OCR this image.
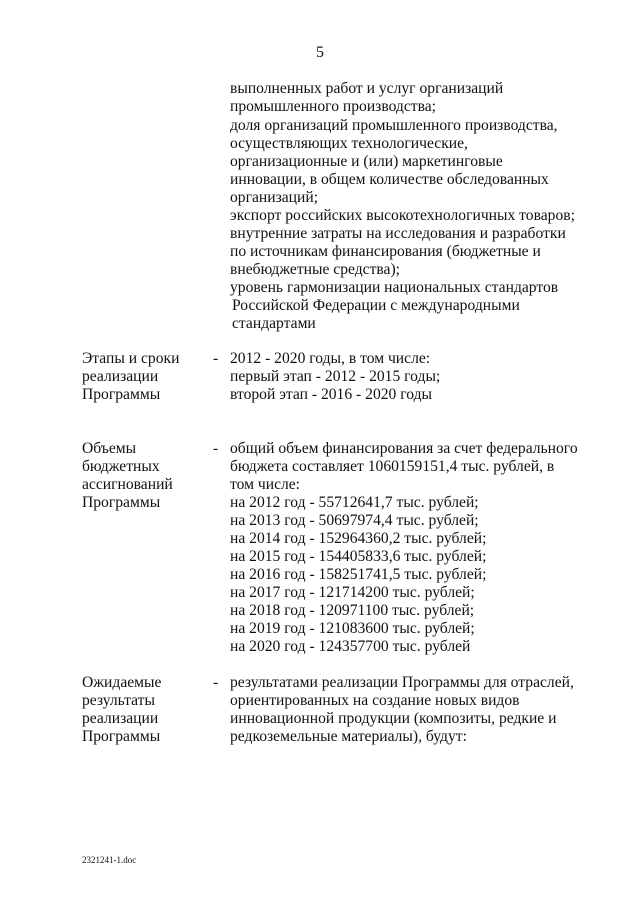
5
выполненных работ и услуг организаций
промышленного производства;
доля организаций промышленного производства,
осуществляющих технологические,
организационные и (или) маркетинговые
инновации, в общем количестве обследованных
организаций;
экспорт российских высокотехнологичных товаров;
внутренние затраты на исследования и разработки
по источникам финансирования (бюджетные и
внебюджетные средства);
уровень гармонизации национальных стандартов
Российской Федерации с международными
стандартами
Этапы и сроки
реализации
Программы
- 2012 - 2020 годы, в том числе:
первый этап - 2012 - 2015 годы;
второй этап - 2016 - 2020 годы
Объемы
бюджетных
ассигнований
Программы
- общий объем финансирования за счет федерального
бюджета составляет 1060159151,4 тыс. рублей, в
том числе:
на 2012 год - 55712641,7 тыс. рублей;
на 2013 год - 50697974,4 тыс. рублей;
на 2014 год - 152964360,2 тыс. рублей;
на 2015 год - 154405833,6 тыс. рублей;
на 2016 год - 158251741,5 тыс. рублей;
на 2017 год - 121714200 тыс. рублей;
на 2018 год - 120971100 тыс. рублей;
на 2019 год - 121083600 тыс. рублей;
на 2020 год - 124357700 тыс. рублей
Ожидаемые
результаты
реализации
Программы
- результатами реализации Программы для отраслей,
ориентированных на создание новых видов
инновационной продукции (композиты, редкие и
редкоземельные материалы), будут:
2321241-1.doc
